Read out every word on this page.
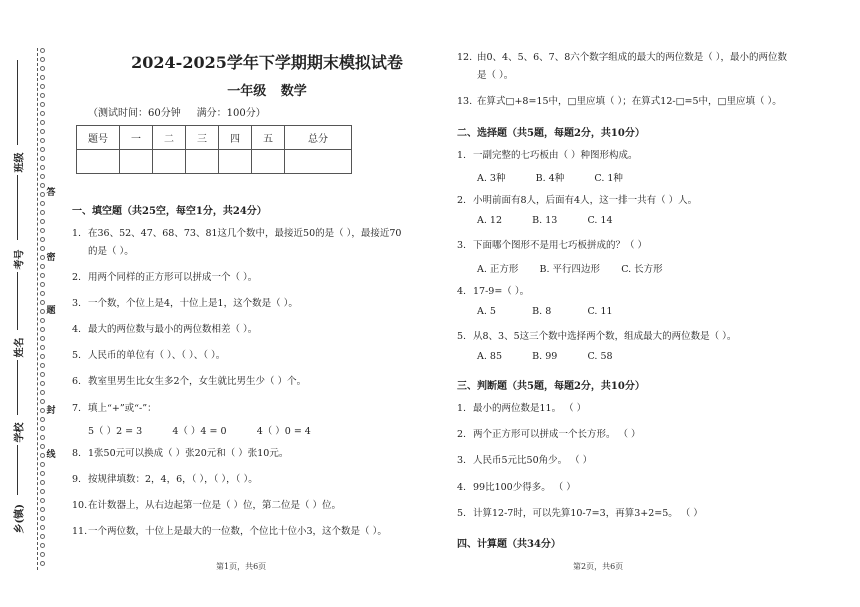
答
密
题
封
线
班级
考号
姓名
学校
乡(镇)
2024-2025学年下学期期末模拟试卷
一年级 数学
（测试时间：60分钟     满分：100分）
题号	一	二	三	四	五	总分

一、填空题（共25空，每空1分，共24分）
1. 在36、52、47、68、73、81这几个数中，最接近50的是（ ），最接近70
的是（ ）。
2. 用两个同样的正方形可以拼成一个（ ）。
3. 一个数，个位上是4，十位上是1，这个数是（ ）。
4. 最大的两位数与最小的两位数相差（ ）。
5. 人民币的单位有（ ）、（ ）、（ ）。
6. 教室里男生比女生多2个，女生就比男生少（ ）个。
7. 填上“+”或“-”：
5（ ）2 = 3          4（ ）4 = 0          4（ ）0 = 4
8. 1张50元可以换成（ ）张20元和（ ）张10元。
9. 按规律填数：2，4，6，（ ），（ ），（ ）。
10.在计数器上，从右边起第一位是（ ）位，第二位是（ ）位。
11.一个两位数，十位上是最大的一位数，个位比十位小3，这个数是（ ）。
第1页，共6页
12. 由0、4、5、6、7、8六个数字组成的最大的两位数是（ ），最小的两位数
是（ ）。
13. 在算式□+8=15中，□里应填（ ）；在算式12-□=5中，□里应填（ ）。
二、选择题（共5题，每题2分，共10分）
1. 一副完整的七巧板由（ ）种图形构成。
A. 3种          B. 4种          C. 1种
2. 小明前面有8人，后面有4人，这一排一共有（ ）人。
A. 12          B. 13          C. 14
3. 下面哪个图形不是用七巧板拼成的？（ ）
A. 正方形       B. 平行四边形       C. 长方形
4. 17-9=（ ）。
A. 5            B. 8            C. 11
5. 从8、3、5这三个数中选择两个数，组成最大的两位数是（ ）。
A. 85          B. 99          C. 58
三、判断题（共5题，每题2分，共10分）
1. 最小的两位数是11。 （ ）
2. 两个正方形可以拼成一个长方形。 （ ）
3. 人民币5元比50角少。 （ ）
4. 99比100少得多。 （ ）
5. 计算12-7时，可以先算10-7=3，再算3+2=5。 （ ）
四、计算题（共34分）
第2页，共6页
